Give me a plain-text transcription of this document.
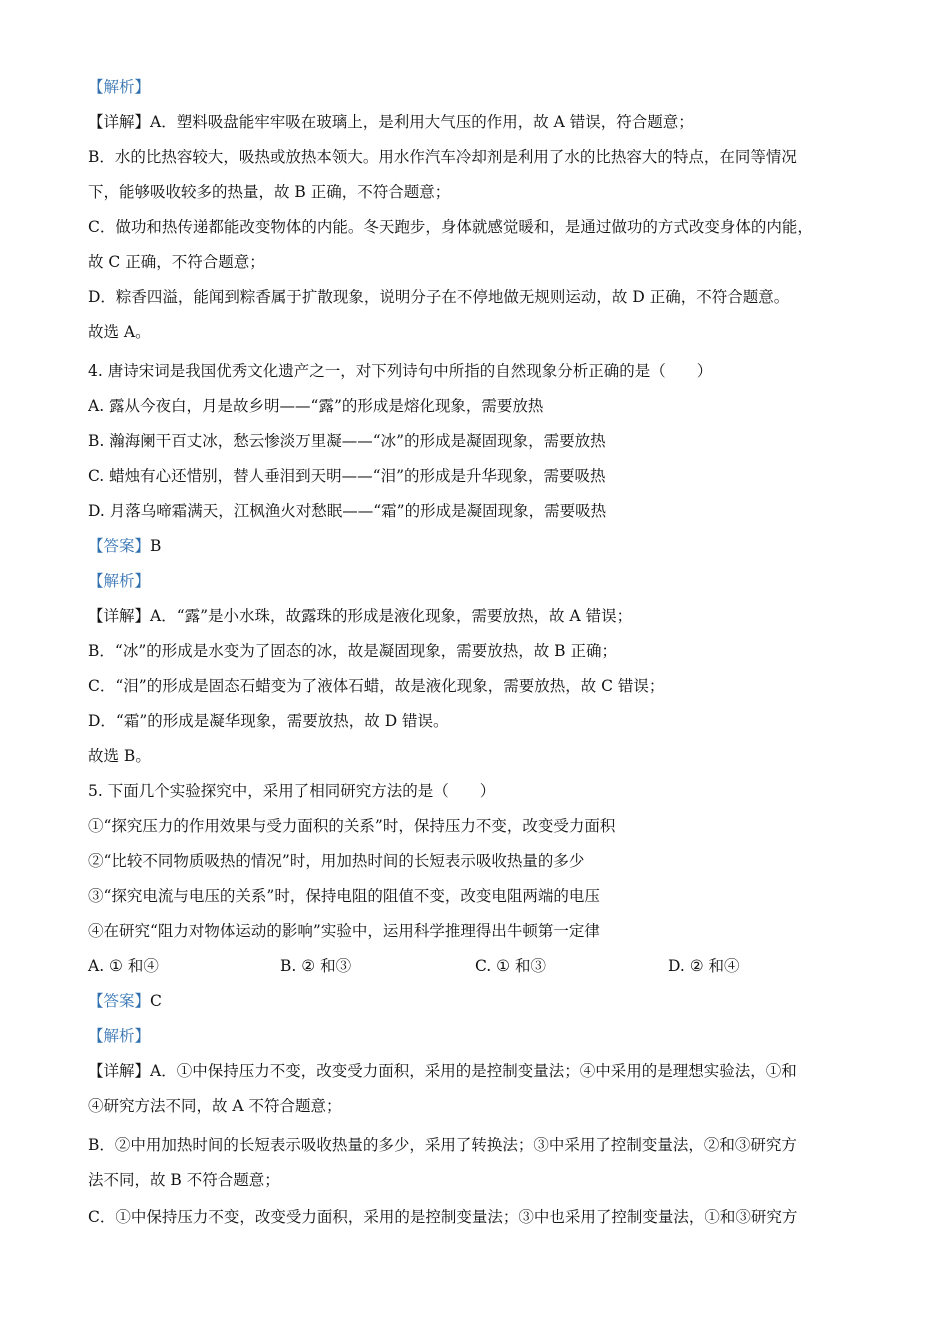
【解析】
【详解】A．塑料吸盘能牢牢吸在玻璃上，是利用大气压的作用，故 A 错误，符合题意；
B．水的比热容较大，吸热或放热本领大。用水作汽车冷却剂是利用了水的比热容大的特点，在同等情况
下，能够吸收较多的热量，故 B 正确，不符合题意；
C．做功和热传递都能改变物体的内能。冬天跑步，身体就感觉暖和，是通过做功的方式改变身体的内能，
故 C 正确，不符合题意；
D．粽香四溢，能闻到粽香属于扩散现象，说明分子在不停地做无规则运动，故 D 正确，不符合题意。
故选 A。
4. 唐诗宋词是我国优秀文化遗产之一，对下列诗句中所指的自然现象分析正确的是（　　）
A. 露从今夜白，月是故乡明——“露”的形成是熔化现象，需要放热
B. 瀚海阑干百丈冰，愁云惨淡万里凝——“冰”的形成是凝固现象，需要放热
C. 蜡烛有心还惜别，替人垂泪到天明——“泪”的形成是升华现象，需要吸热
D. 月落乌啼霜满天，江枫渔火对愁眠——“霜”的形成是凝固现象，需要吸热
【答案】B
【解析】
【详解】A．“露”是小水珠，故露珠的形成是液化现象，需要放热，故 A 错误；
B．“冰”的形成是水变为了固态的冰，故是凝固现象，需要放热，故 B 正确；
C．“泪”的形成是固态石蜡变为了液体石蜡，故是液化现象，需要放热，故 C 错误；
D．“霜”的形成是凝华现象，需要放热，故 D 错误。
故选 B。
5. 下面几个实验探究中，采用了相同研究方法的是（　　）
①“探究压力的作用效果与受力面积的关系”时，保持压力不变，改变受力面积
②“比较不同物质吸热的情况”时，用加热时间的长短表示吸收热量的多少
③“探究电流与电压的关系”时，保持电阻的阻值不变，改变电阻两端的电压
④在研究“阻力对物体运动的影响”实验中，运用科学推理得出牛顿第一定律
A. ① 和④	B. ② 和③	C. ① 和③	D. ② 和④
【答案】C
【解析】
【详解】A．①中保持压力不变，改变受力面积，采用的是控制变量法；④中采用的是理想实验法，①和
④研究方法不同，故 A 不符合题意；
B．②中用加热时间的长短表示吸收热量的多少，采用了转换法；③中采用了控制变量法，②和③研究方
法不同，故 B 不符合题意；
C．①中保持压力不变，改变受力面积，采用的是控制变量法；③中也采用了控制变量法，①和③研究方
